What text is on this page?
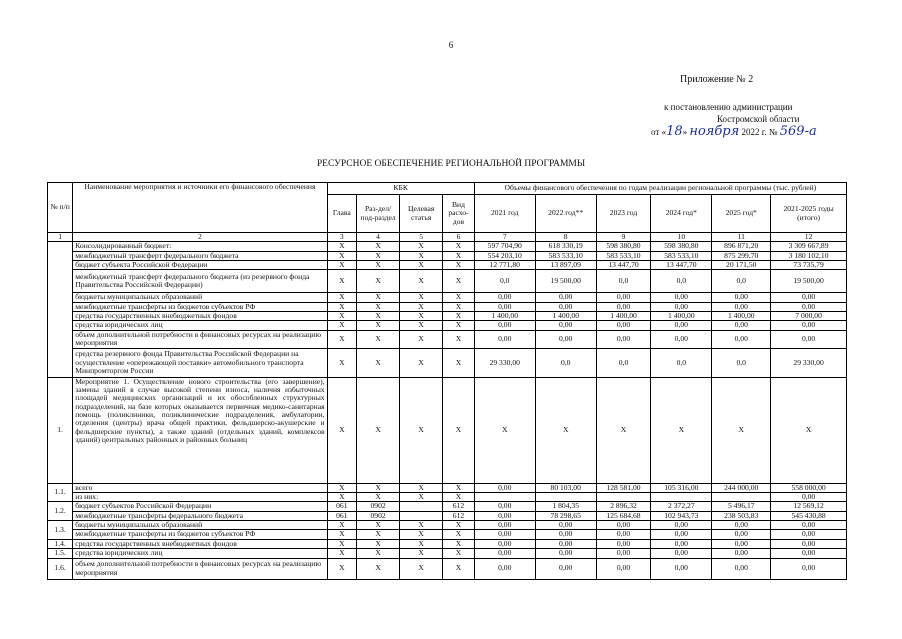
6
Приложение № 2
к постановлению администрации
Костромской области
от «18» ноября 2022 г. № 569-а
РЕСУРСНОЕ ОБЕСПЕЧЕНИЕ РЕГИОНАЛЬНОЙ ПРОГРАММЫ
№ п/п	Наименование мероприятия и источники его финансового обеспечения	КБК				Объемы финансового обеспечения по годам реализации региональной программы (тыс. рублей)					
		Глава	Раз-дел/под-раздел	Целевая статья	Вид расхо-дов	2021 год	2022 год**	2023 год	2024 год*	2025 год*	2021-2025 годы (итого)
1	2	3	4	5	6	7	8	9	10	11	12
	Консолидированный бюджет:	X	X	X	X	597 704,90	618 330,19	598 380,80	598 380,80	896 871,20	3 309 667,89
	межбюджетный трансферт федерального бюджета	X	X	X	X	554 203,10	583 533,10	583 533,10	583 533,10	875 299,70	3 180 102,10
	бюджет субъекта Российской Федерации	X	X	X	X	12 771,80	13 897,09	13 447,70	13 447,70	20 171,50	73 735,79
	межбюджетный трансферт федерального бюджета (из резервного фонда Правительства Российской Федерации)	X	X	X	X	0,0	19 500,00	0,0	0,0	0,0	19 500,00
	бюджеты муниципальных образований	X	X	X	X	0,00	0,00	0,00	0,00	0,00	0,00
	межбюджетные трансферты из бюджетов субъектов РФ	X	X	X	X	0,00	0,00	0,00	0,00	0,00	0,00
	средства государственных внебюджетных фондов	X	X	X	X	1 400,00	1 400,00	1 400,00	1 400,00	1 400,00	7 000,00
	средства юридических лиц	X	X	X	X	0,00	0,00	0,00	0,00	0,00	0,00
	объем дополнительной потребности в финансовых ресурсах на реализацию мероприятия	X	X	X	X	0,00	0,00	0,00	0,00	0,00	0,00
	средства резервного фонда Правительства Российской Федерации на осуществление «опережающей поставки» автомобильного транспорта Минпромторгом России	X	X	X	X	29 330,00	0,0	0,0	0,0	0,0	29 330,00
1.	Мероприятие 1. Осуществление нового строительства (его завершение), замены зданий в случае высокой степени износа, наличия избыточных площадей медицинских организаций и их обособленных структурных подразделений, на базе которых оказывается первичная медико-санитарная помощь (поликлиники, поликлинические подразделения, амбулатории, отделения (центры) врача общей практики, фельдшерско-акушерские и фельдшерские пункты), а также зданий (отдельных зданий, комплексов зданий) центральных районных и районных больниц	X	X	X	X	X	X	X	X	X	X
1.1.	всего	X	X	X	X	0,00	80 103,00	128 581,00	105 316,00	244 000,00	558 000,00
	из них:	X	X	X	X						0,00
1.2.	бюджет субъектов Российской Федерации	061	0902		612	0,00	1 804,35	2 896,32	2 372,27	5 496,17	12 569,12
	межбюджетные трансферты федерального бюджета	061	0902		612	0,00	78 298,65	125 684,68	102 943,73	238 503,83	545 430,88
1.3.	бюджеты муниципальных образований	X	X	X	X	0,00	0,00	0,00	0,00	0,00	0,00
	межбюджетные трансферты из бюджетов субъектов РФ	X	X	X	X	0,00	0,00	0,00	0,00	0,00	0,00
1.4.	средства государственных внебюджетных фондов	X	X	X	X	0,00	0,00	0,00	0,00	0,00	0,00
1.5.	средства юридических лиц	X	X	X	X	0,00	0,00	0,00	0,00	0,00	0,00
1.6.	объем дополнительной потребности в финансовых ресурсах на реализацию мероприятия	X	X	X	X	0,00	0,00	0,00	0,00	0,00	0,00
